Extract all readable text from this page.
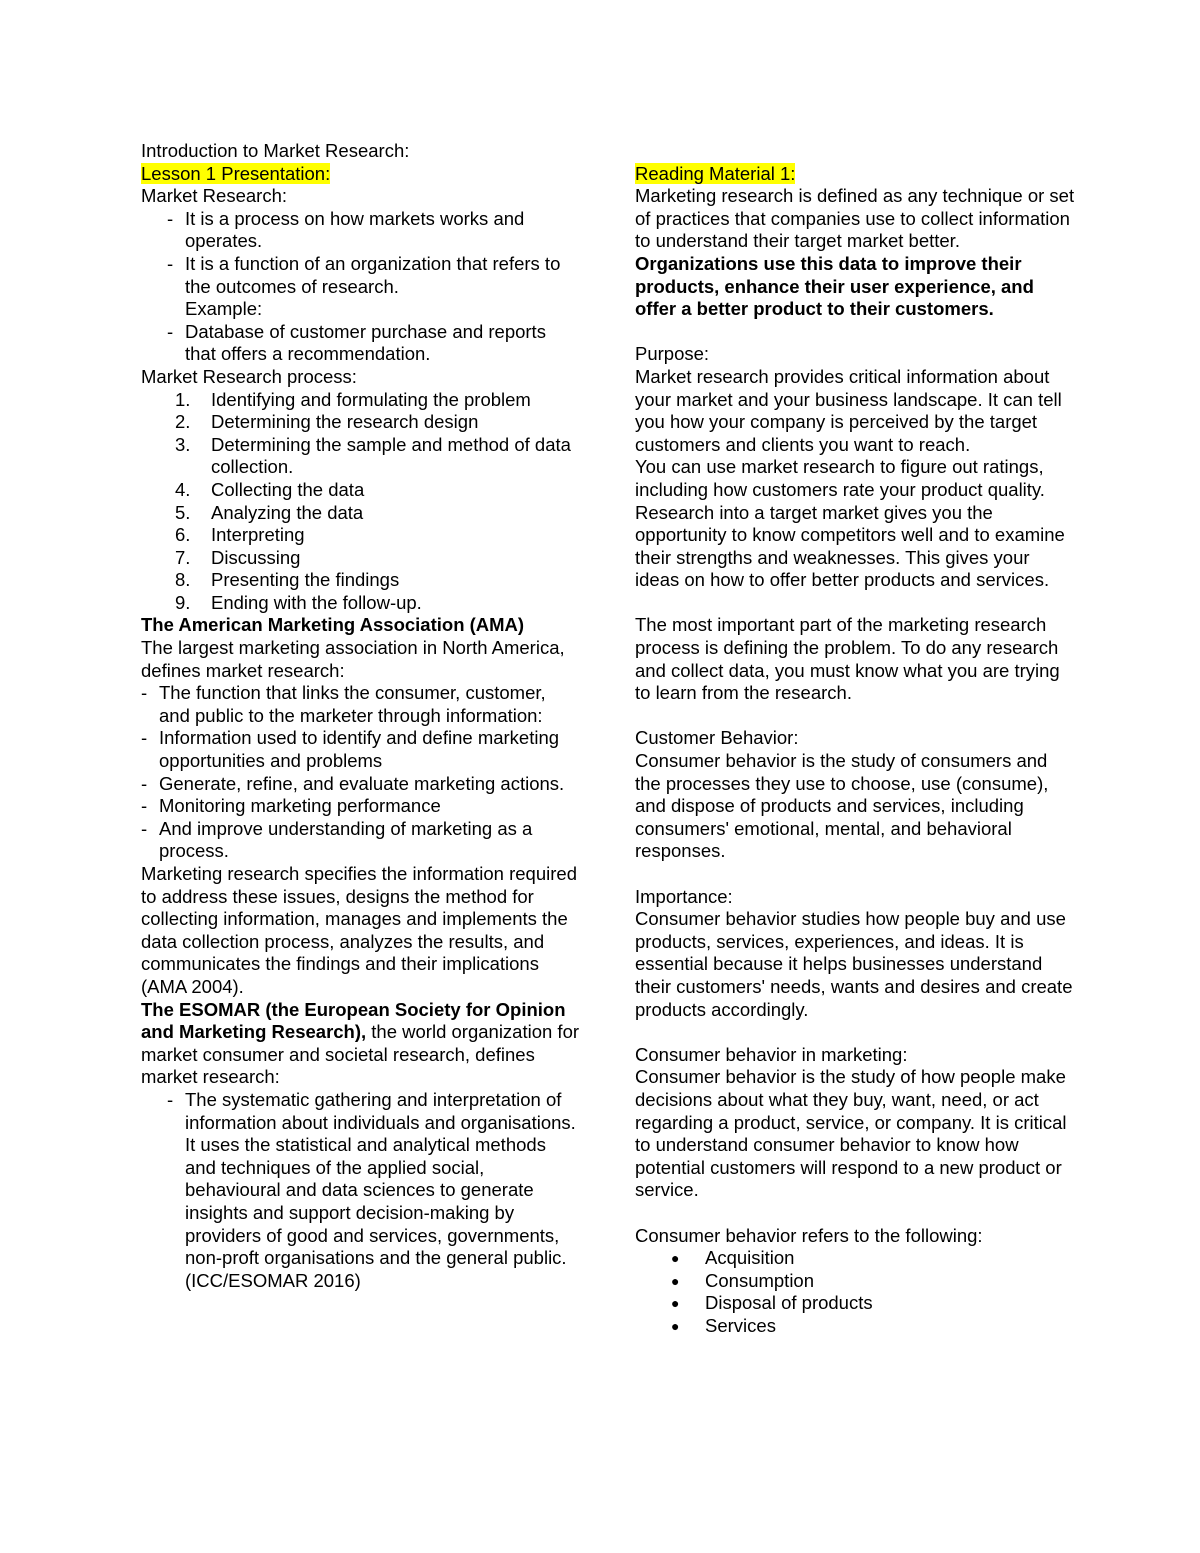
Introduction to Market Research:

Lesson 1 Presentation:

Market Research:

- It is a process on how markets works and operates.
- It is a function of an organization that refers to the outcomes of research.

Example:

- Database of customer purchase and reports that offers a recommendation.

Market Research process:

1. Identifying and formulating the problem
2. Determining the research design
3. Determining the sample and method of data collection.
4. Collecting the data
5. Analyzing the data
6. Interpreting
7. Discussing
8. Presenting the findings
9. Ending with the follow-up.

The American Marketing Association (AMA)

The largest marketing association in North America, defines market research:

- The function that links the consumer, customer, and public to the marketer through information:
- Information used to identify and define marketing opportunities and problems
- Generate, refine, and evaluate marketing actions.
- Monitoring marketing performance
- And improve understanding of marketing as a process.

Marketing research specifies the information required to address these issues, designs the method for collecting information, manages and implements the data collection process, analyzes the results, and communicates the findings and their implications (AMA 2004).

The ESOMAR (the European Society for Opinion and Marketing Research), the world organization for market consumer and societal research, defines market research:

- The systematic gathering and interpretation of information about individuals and organisations. It uses the statistical and analytical methods and techniques of the applied social, behavioural and data sciences to generate insights and support decision-making by providers of good and services, governments, non-proft organisations and the general public. (ICC/ESOMAR 2016)

Reading Material 1:

Marketing research is defined as any technique or set of practices that companies use to collect information to understand their target market better. Organizations use this data to improve their products, enhance their user experience, and offer a better product to their customers.

Purpose:

Market research provides critical information about your market and your business landscape. It can tell you how your company is perceived by the target customers and clients you want to reach.

You can use market research to figure out ratings, including how customers rate your product quality. Research into a target market gives you the opportunity to know competitors well and to examine their strengths and weaknesses. This gives your ideas on how to offer better products and services.

The most important part of the marketing research process is defining the problem. To do any research and collect data, you must know what you are trying to learn from the research.

Customer Behavior:

Consumer behavior is the study of consumers and the processes they use to choose, use (consume), and dispose of products and services, including consumers' emotional, mental, and behavioral responses.

Importance:

Consumer behavior studies how people buy and use products, services, experiences, and ideas. It is essential because it helps businesses understand their customers' needs, wants and desires and create products accordingly.

Consumer behavior in marketing:

Consumer behavior is the study of how people make decisions about what they buy, want, need, or act regarding a product, service, or company. It is critical to understand consumer behavior to know how potential customers will respond to a new product or service.

Consumer behavior refers to the following:

● Acquisition
● Consumption
● Disposal of products
● Services
